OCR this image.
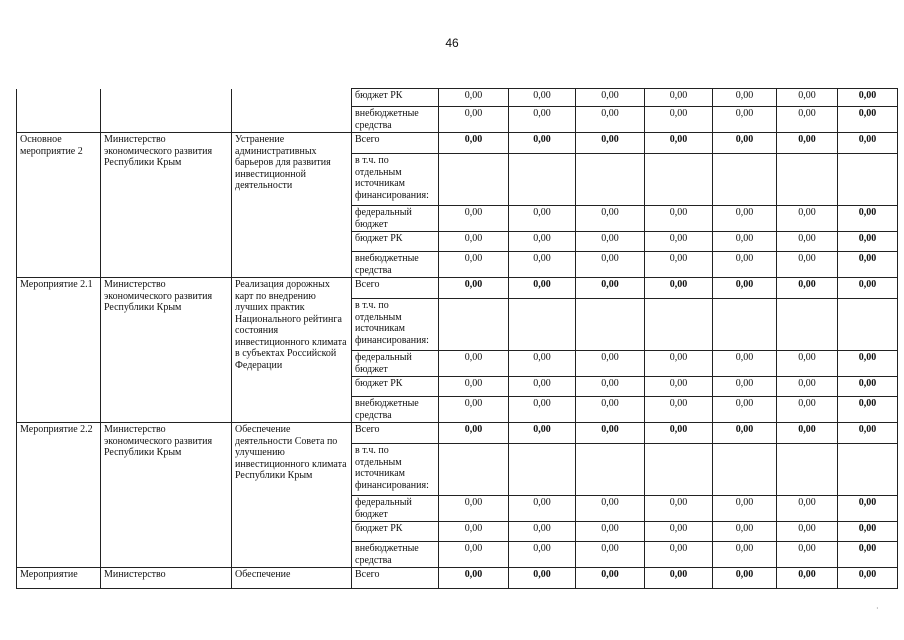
46
			бюджет РК	0,00	0,00	0,00	0,00	0,00	0,00	0,00
			внебюджетные средства	0,00	0,00	0,00	0,00	0,00	0,00	0,00
Основное мероприятие 2	Министерство экономического развития Республики Крым	Устранение административных барьеров для развития инвестиционной деятельности	Всего	0,00	0,00	0,00	0,00	0,00	0,00	0,00
			в т.ч. по отдельным источникам финансирования:							
			федеральный бюджет	0,00	0,00	0,00	0,00	0,00	0,00	0,00
			бюджет РК	0,00	0,00	0,00	0,00	0,00	0,00	0,00
			внебюджетные средства	0,00	0,00	0,00	0,00	0,00	0,00	0,00
Мероприятие 2.1	Министерство экономического развития Республики Крым	Реализация дорожных карт по внедрению лучших практик Национального рейтинга состояния инвестиционного климата в субъектах Российской Федерации	Всего	0,00	0,00	0,00	0,00	0,00	0,00	0,00
			в т.ч. по отдельным источникам финансирования:							
			федеральный бюджет	0,00	0,00	0,00	0,00	0,00	0,00	0,00
			бюджет РК	0,00	0,00	0,00	0,00	0,00	0,00	0,00
			внебюджетные средства	0,00	0,00	0,00	0,00	0,00	0,00	0,00
Мероприятие 2.2	Министерство экономического развития Республики Крым	Обеспечение деятельности Совета по улучшению инвестиционного климата Республики Крым	Всего	0,00	0,00	0,00	0,00	0,00	0,00	0,00
			в т.ч. по отдельным источникам финансирования:							
			федеральный бюджет	0,00	0,00	0,00	0,00	0,00	0,00	0,00
			бюджет РК	0,00	0,00	0,00	0,00	0,00	0,00	0,00
			внебюджетные средства	0,00	0,00	0,00	0,00	0,00	0,00	0,00
Мероприятие	Министерство	Обеспечение	Всего	0,00	0,00	0,00	0,00	0,00	0,00	0,00
·
